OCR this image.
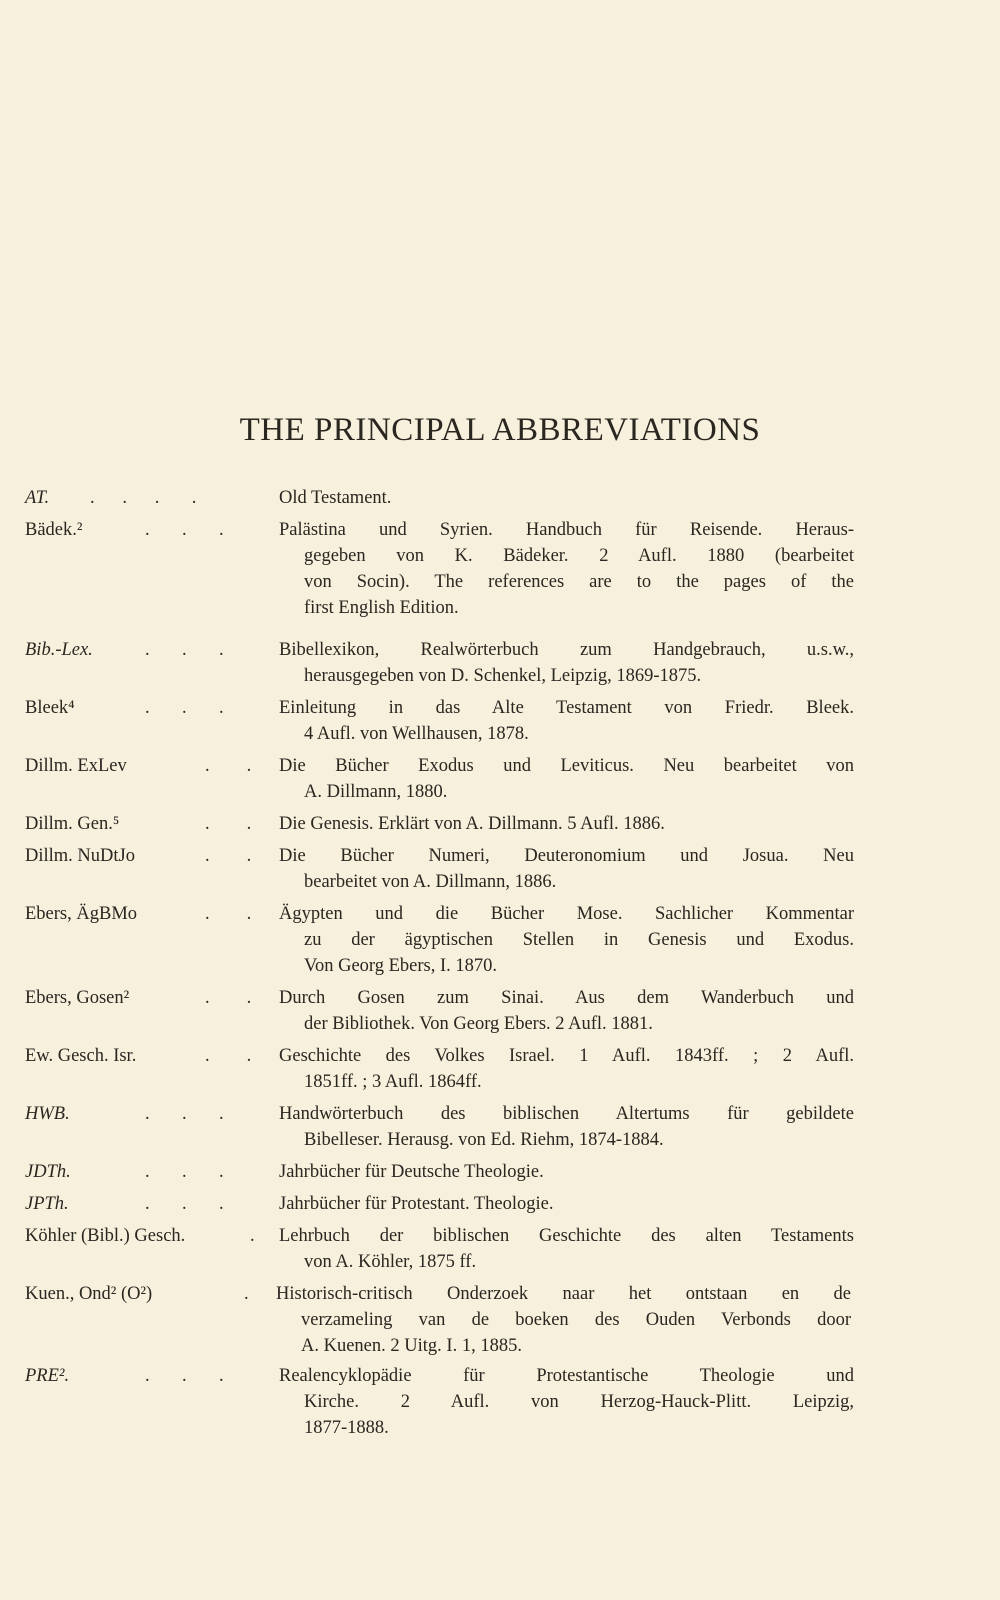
THE PRINCIPAL ABBREVIATIONS
AT. .      .      .       .	Old Testament.
Bädek.²	.       .       .	Palästina und Syrien. Handbuch für Reisende. Heraus-
gegeben von K. Bädeker. 2 Aufl. 1880 (bearbeitet
von Socin). The references are to the pages of the
first English Edition.
Bib.-Lex.	.       .       .	Bibellexikon, Realwörterbuch zum Handgebrauch, u.s.w.,
herausgegeben von D. Schenkel, Leipzig, 1869-1875.
Bleek⁴	.       .       .	Einleitung in das Alte Testament von Friedr. Bleek.
4 Aufl. von Wellhausen, 1878.
Dillm. ExLev	.        . Die Bücher Exodus und Leviticus. Neu bearbeitet von
A. Dillmann, 1880.
Dillm. Gen.⁵	.        . Die Genesis. Erklärt von A. Dillmann. 5 Aufl. 1886.
Dillm. NuDtJo	.        . Die Bücher Numeri, Deuteronomium und Josua. Neu
bearbeitet von A. Dillmann, 1886.
Ebers, ÄgBMo	.        . Ägypten und die Bücher Mose. Sachlicher Kommentar
zu der ägyptischen Stellen in Genesis und Exodus.
Von Georg Ebers, I. 1870.
Ebers, Gosen²	.        . Durch Gosen zum Sinai. Aus dem Wanderbuch und
der Bibliothek. Von Georg Ebers. 2 Aufl. 1881.
Ew. Gesch. Isr.	.        . Geschichte des Volkes Israel. 1 Aufl. 1843ff. ; 2 Aufl.
1851ff. ; 3 Aufl. 1864ff.
HWB.	.       .       .	Handwörterbuch des biblischen Altertums für gebildete
Bibelleser. Herausg. von Ed. Riehm, 1874-1884.
JDTh.	.       .       .	Jahrbücher für Deutsche Theologie.
JPTh.	.       .       .	Jahrbücher für Protestant. Theologie.
Köhler (Bibl.) Gesch.	. Lehrbuch der biblischen Geschichte des alten Testaments
von A. Köhler, 1875 ff.
Kuen., Ond² (O²)	. Historisch-critisch Onderzoek naar het ontstaan en de
verzameling van de boeken des Ouden Verbonds door
A. Kuenen. 2 Uitg. I. 1, 1885.
PRE².	.       .       .	Realencyklopädie für Protestantische Theologie und
Kirche. 2 Aufl. von Herzog-Hauck-Plitt. Leipzig,
1877-1888.
